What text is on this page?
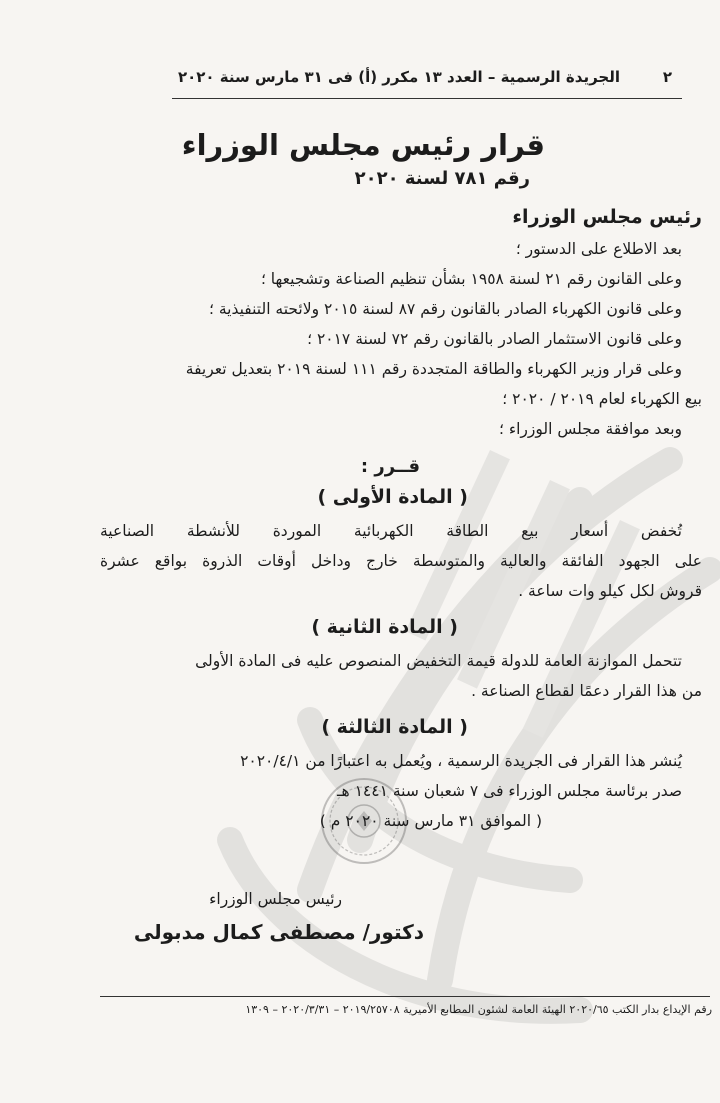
٢
الجريدة الرسمية – العدد ١٣ مكرر (أ) فى ٣١ مارس سنة ٢٠٢٠
قرار رئيس مجلس الوزراء
رقم ٧٨١ لسنة ٢٠٢٠
رئيس مجلس الوزراء
بعد الاطلاع على الدستور ؛
وعلى القانون رقم ٢١ لسنة ١٩٥٨ بشأن تنظيم الصناعة وتشجيعها ؛
وعلى قانون الكهرباء الصادر بالقانون رقم ٨٧ لسنة ٢٠١٥ ولائحته التنفيذية ؛
وعلى قانون الاستثمار الصادر بالقانون رقم ٧٢ لسنة ٢٠١٧ ؛
وعلى قرار وزير الكهرباء والطاقة المتجددة رقم ١١١ لسنة ٢٠١٩ بتعديل تعريفة
بيع الكهرباء لعام ٢٠١٩ / ٢٠٢٠ ؛
وبعد موافقة مجلس الوزراء ؛
قــرر :
( المادة الأولى )
تُخفض أسعار بيع الطاقة الكهربائية الموردة للأنشطة الصناعية
على الجهود الفائقة والعالية والمتوسطة خارج وداخل أوقات الذروة بواقع عشرة
قروش لكل كيلو وات ساعة .
( المادة الثانية )
تتحمل الموازنة العامة للدولة قيمة التخفيض المنصوص عليه فى المادة الأولى
من هذا القرار دعمًا لقطاع الصناعة .
( المادة الثالثة )
يُنشر هذا القرار فى الجريدة الرسمية ، ويُعمل به اعتبارًا من ٢٠٢٠/٤/١
صدر برئاسة مجلس الوزراء فى ٧ شعبان سنة ١٤٤١ هـ
( الموافق ٣١ مارس سنة ٢٠٢٠ م )
رئيس مجلس الوزراء
دكتور/ مصطفى كمال مدبولى
رقم الإيداع بدار الكتب ٢٠٢٠/٦٥ الهيئة العامة لشئون المطابع الأميرية ٢٠١٩/٢٥٧٠٨ – ٢٠٢٠/٣/٣١ – ١٣٠٩
